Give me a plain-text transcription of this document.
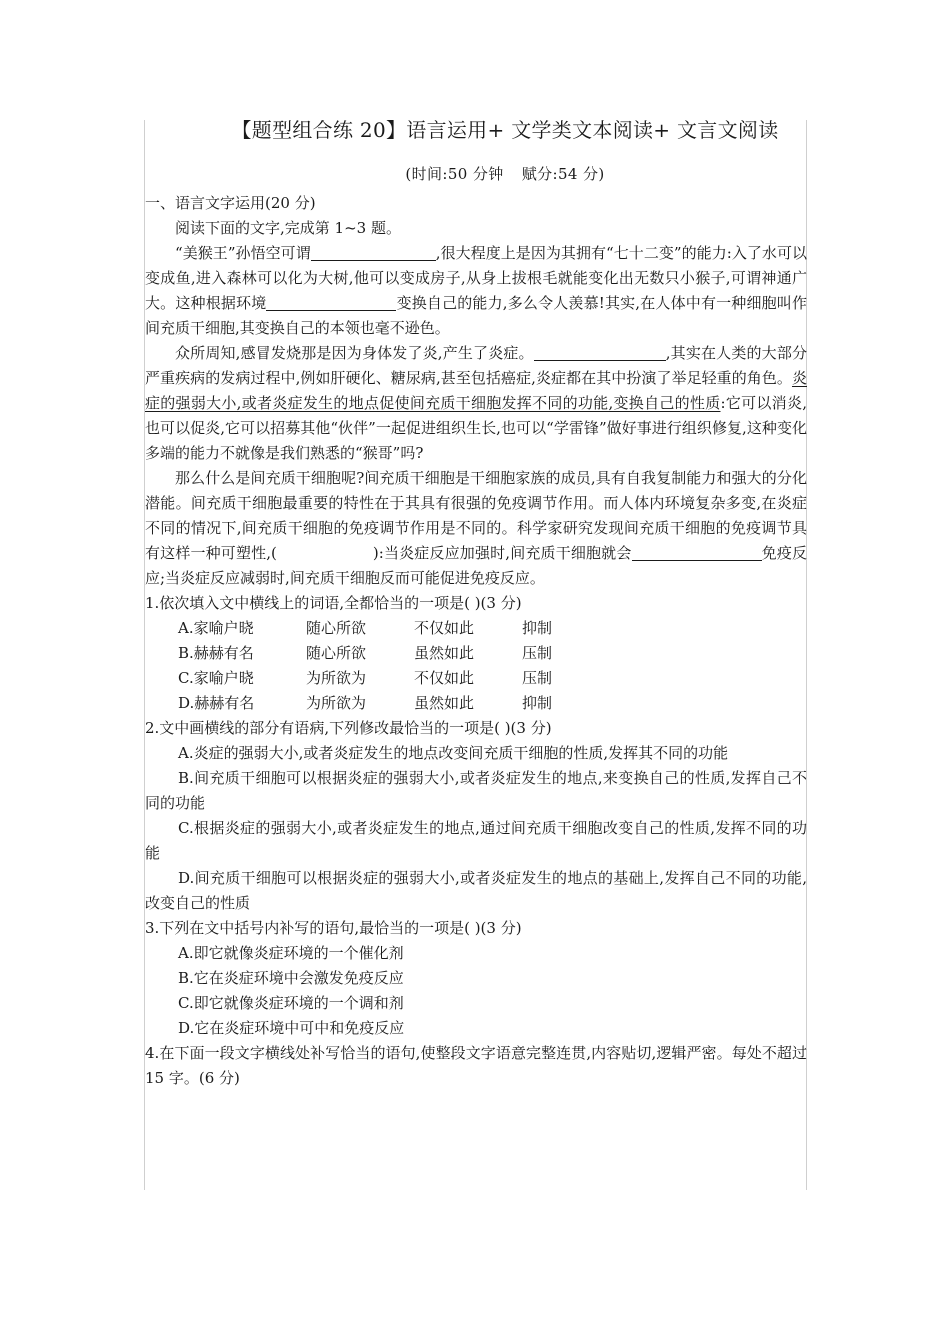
【题型组合练 20】语言运用+ 文学类文本阅读+ 文言文阅读
(时间:50 分钟 赋分:54 分)

一、语言文字运用(20 分)

阅读下面的文字,完成第 1~3 题。

“美猴王”孙悟空可谓	,很大程度上是因为其拥有“七十二变”的能力:入了水可以变成鱼,进入森林可以化为大树,他可以变成房子,从身上拔根毛就能变化出无数只小猴子,可谓神通广大。这种根据环境	变换自己的能力,多么令人羡慕!其实,在人体中有一种细胞叫作间充质干细胞,其变换自己的本领也毫不逊色。

众所周知,感冒发烧那是因为身体发了炎,产生了炎症。	,其实在人类的大部分严重疾病的发病过程中,例如肝硬化、糖尿病,甚至包括癌症,炎症都在其中扮演了举足轻重的角色。炎症的强弱大小,或者炎症发生的地点促使间充质干细胞发挥不同的功能,变换自己的性质:它可以消炎,也可以促炎,它可以招募其他“伙伴”一起促进组织生长,也可以“学雷锋”做好事进行组织修复,这种变化多端的能力不就像是我们熟悉的“猴哥”吗?

那么什么是间充质干细胞呢?间充质干细胞是干细胞家族的成员,具有自我复制能力和强大的分化潜能。间充质干细胞最重要的特性在于其具有很强的免疫调节作用。而人体内环境复杂多变,在炎症不同的情况下,间充质干细胞的免疫调节作用是不同的。科学家研究发现间充质干细胞的免疫调节具有这样一种可塑性,(	):当炎症反应加强时,间充质干细胞就会	免疫反应;当炎症反应减弱时,间充质干细胞反而可能促进免疫反应。

1.依次填入文中横线上的词语,全都恰当的一项是( )(3 分)

A.家喻户晓	随心所欲	不仅如此	抑制
B.赫赫有名	随心所欲	虽然如此	压制
C.家喻户晓	为所欲为	不仅如此	压制
D.赫赫有名	为所欲为	虽然如此	抑制

2.文中画横线的部分有语病,下列修改最恰当的一项是( )(3 分)

A.炎症的强弱大小,或者炎症发生的地点改变间充质干细胞的性质,发挥其不同的功能

B.间充质干细胞可以根据炎症的强弱大小,或者炎症发生的地点,来变换自己的性质,发挥自己不同的功能

C.根据炎症的强弱大小,或者炎症发生的地点,通过间充质干细胞改变自己的性质,发挥不同的功能

D.间充质干细胞可以根据炎症的强弱大小,或者炎症发生的地点的基础上,发挥自己不同的功能,改变自己的性质

3.下列在文中括号内补写的语句,最恰当的一项是( )(3 分)

A.即它就像炎症环境的一个催化剂

B.它在炎症环境中会激发免疫反应

C.即它就像炎症环境的一个调和剂

D.它在炎症环境中可中和免疫反应

4.在下面一段文字横线处补写恰当的语句,使整段文字语意完整连贯,内容贴切,逻辑严密。每处不超过 15 字。(6 分)
